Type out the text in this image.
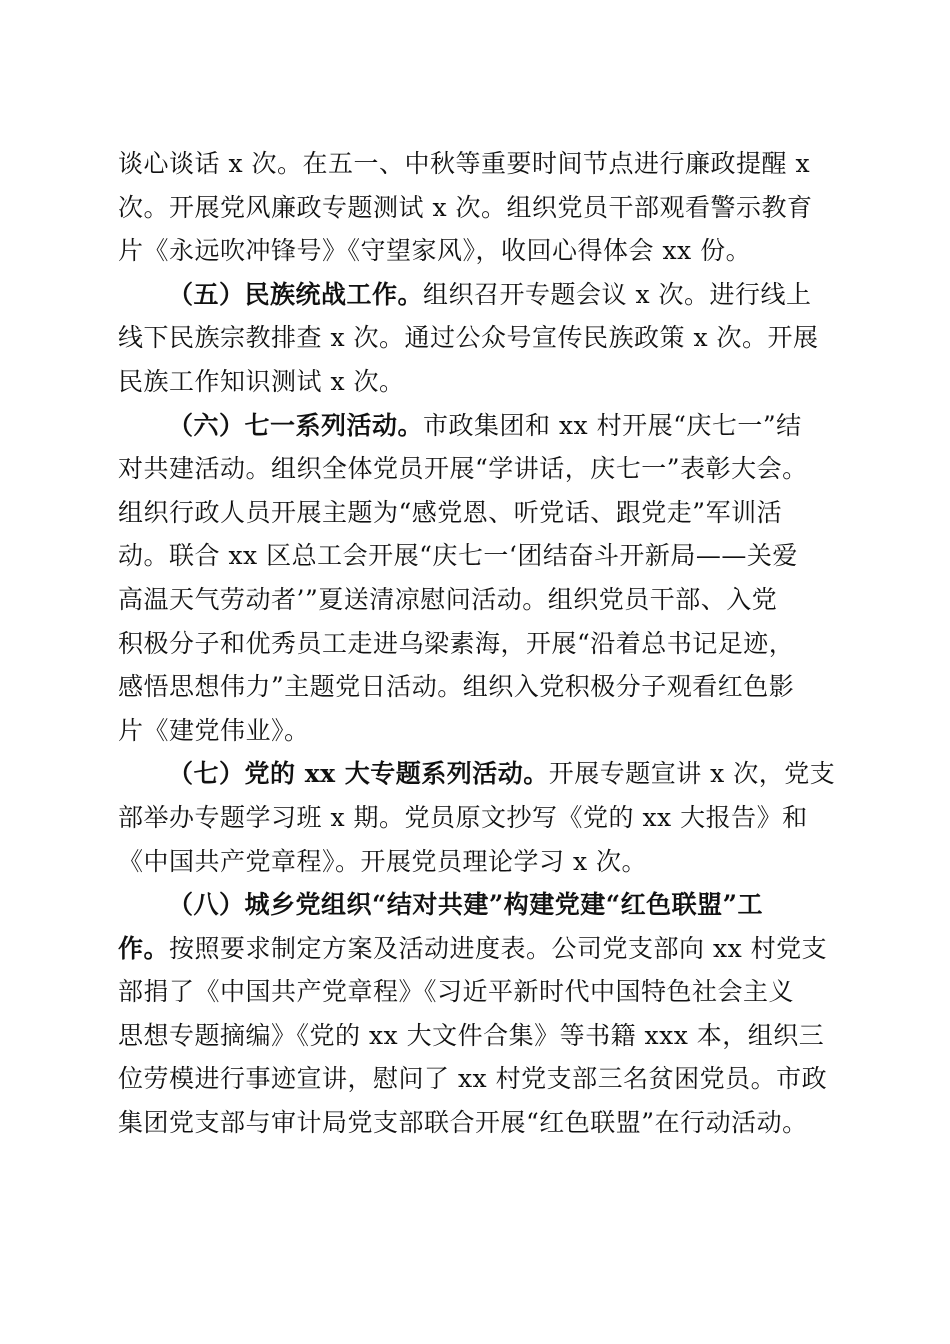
谈心谈话 x 次。在五一、中秋等重要时间节点进行廉政提醒 x
次。开展党风廉政专题测试 x 次。组织党员干部观看警示教育
片《永远吹冲锋号》《守望家风》，收回心得体会 xx 份。
（五）民族统战工作。组织召开专题会议 x 次。进行线上
线下民族宗教排查 x 次。通过公众号宣传民族政策 x 次。开展
民族工作知识测试 x 次。
（六）七一系列活动。市政集团和 xx 村开展“庆七一”结
对共建活动。组织全体党员开展“学讲话，庆七一”表彰大会。
组织行政人员开展主题为“感党恩、听党话、跟党走”军训活
动。联合 xx 区总工会开展“庆七一‘团结奋斗开新局——关爱
高温天气劳动者’”夏送清凉慰问活动。组织党员干部、入党
积极分子和优秀员工走进乌梁素海，开展“沿着总书记足迹，
感悟思想伟力”主题党日活动。组织入党积极分子观看红色影
片《建党伟业》。
（七）党的 xx 大专题系列活动。开展专题宣讲 x 次，党支
部举办专题学习班 x 期。党员原文抄写《党的 xx 大报告》和
《中国共产党章程》。开展党员理论学习 x 次。
（八）城乡党组织“结对共建”构建党建“红色联盟”工
作。按照要求制定方案及活动进度表。公司党支部向 xx 村党支
部捐了《中国共产党章程》《习近平新时代中国特色社会主义
思想专题摘编》《党的 xx 大文件合集》等书籍 xxx 本，组织三
位劳模进行事迹宣讲，慰问了 xx 村党支部三名贫困党员。市政
集团党支部与审计局党支部联合开展“红色联盟”在行动活动。
